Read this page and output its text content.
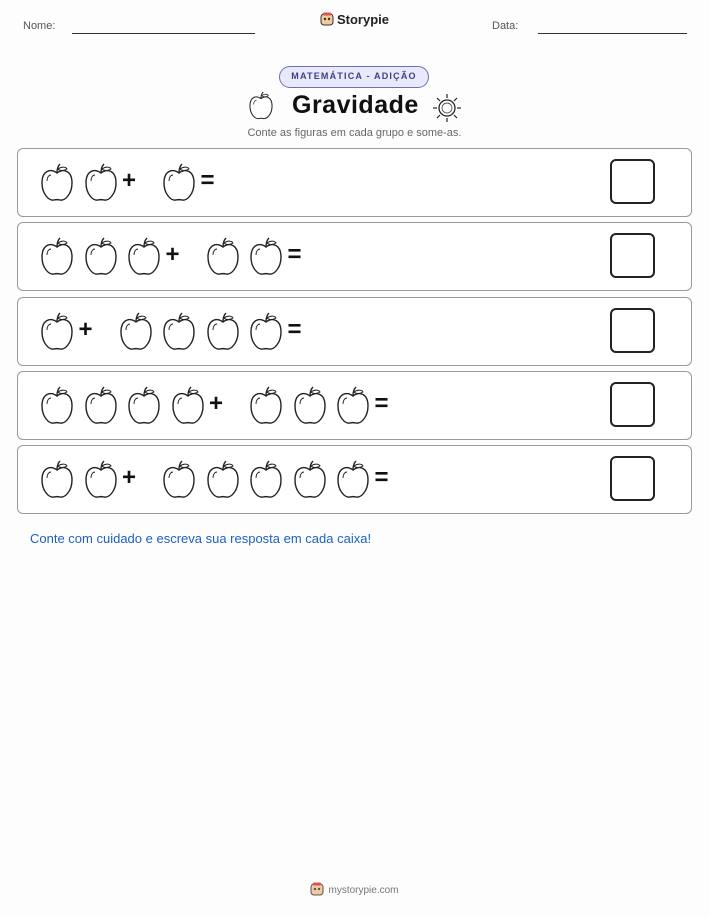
Nome:	Storypie	Data:
MATEMÁTICA - ADIÇÃO
Gravidade
Conte as figuras em cada grupo e some-as.
+	=
+	=
+	=
+	=
+	=
Conte com cuidado e escreva sua resposta em cada caixa!
mystorypie.com
